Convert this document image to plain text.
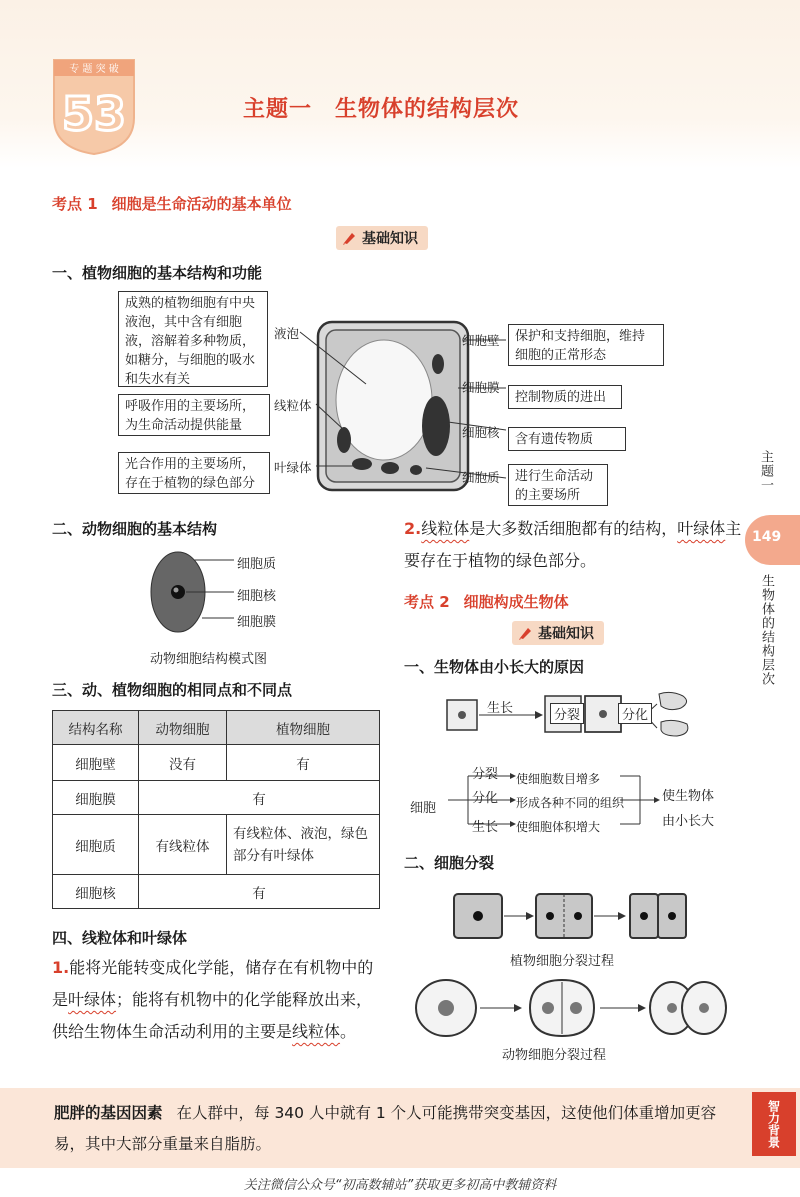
专 题 突 破
53	主题一　生物体的结构层次
考点 1 细胞是生命活动的基本单位
基础知识
一、植物细胞的基本结构和功能
成熟的植物细胞有中央液泡，其中含有细胞液，溶解着多种物质，如糖分，与细胞的吸水和失水有关
呼吸作用的主要场所，为生命活动提供能量
光合作用的主要场所，存在于植物的绿色部分
液泡
线粒体
叶绿体
细胞壁
细胞膜
细胞核
细胞质
保护和支持细胞，维持细胞的正常形态
控制物质的进出
含有遗传物质
进行生命活动的主要场所
二、动物细胞的基本结构
细胞质
细胞核
细胞膜
动物细胞结构模式图
三、动、植物细胞的相同点和不同点
结构名称	动物细胞	植物细胞
细胞壁	没有	有
细胞膜	有	
细胞质	有线粒体	有线粒体、液泡，绿色部分有叶绿体
细胞核	有	
四、线粒体和叶绿体
1.能将光能转变成化学能，储存在有机物中的是叶绿体；能将有机物中的化学能释放出来，供给生物体生命活动利用的主要是线粒体。
2.线粒体是大多数活细胞都有的结构，叶绿体主要存在于植物的绿色部分。
考点 2 细胞构成生物体
基础知识
一、生物体由小长大的原因
生长	分裂	分化
细胞
分裂
分化
生长
使细胞数目增多
形成各种不同的组织
使细胞体积增大
使生物体
由小长大
二、细胞分裂
植物细胞分裂过程
动物细胞分裂过程
主题一
149
生物体的结构层次
肥胖的基因因素 在人群中，每 340 人中就有 1 个人可能携带突变基因，这使他们体重增加更容易，其中大部分重量来自脂肪。	智力背景
关注微信公众号“初高数辅站”获取更多初高中教辅资料
